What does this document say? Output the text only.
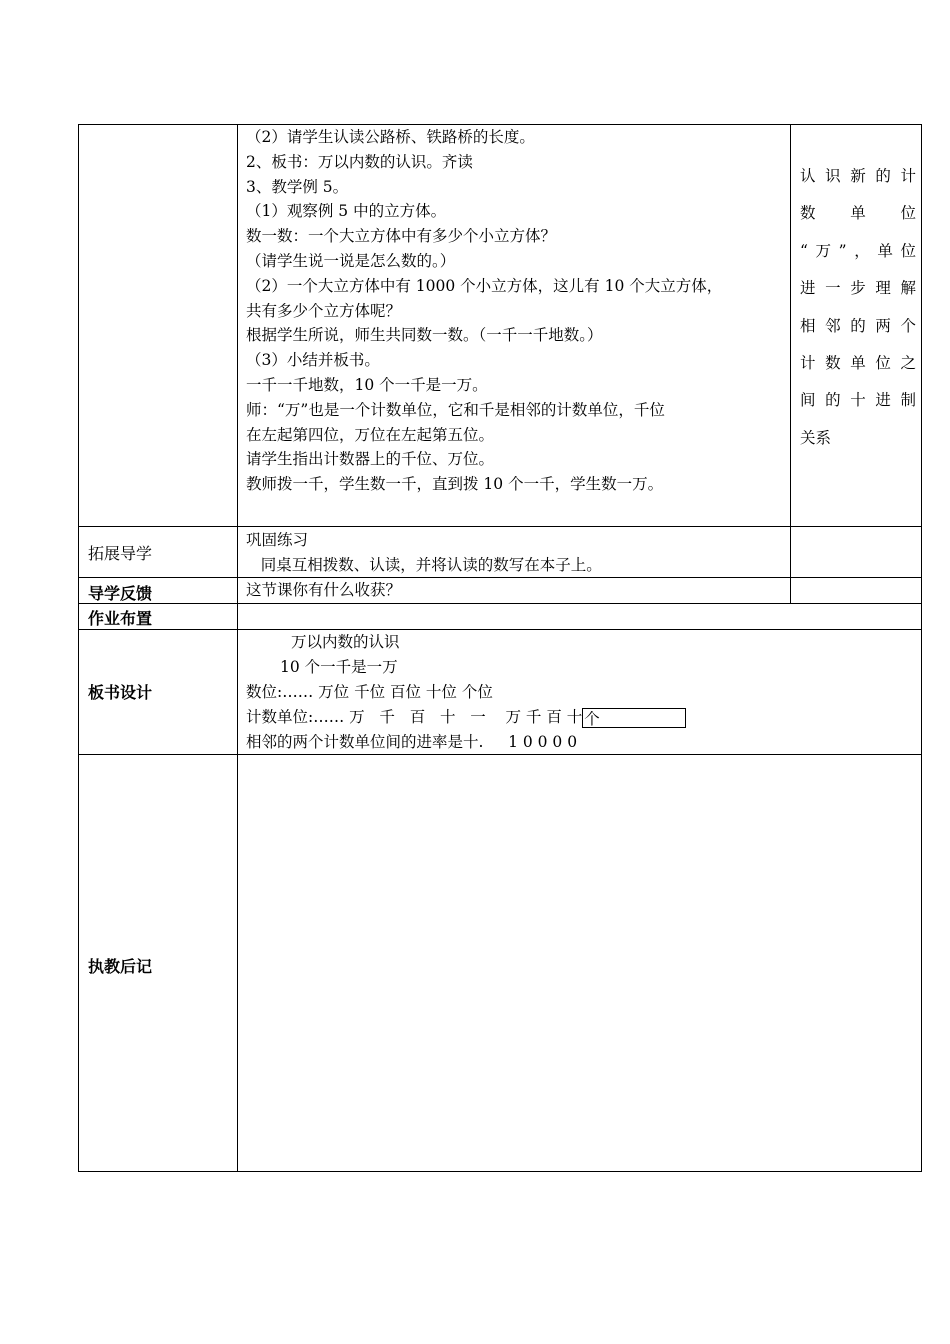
（2）请学生认读公路桥、铁路桥的长度。
2、板书：万以内数的认识。齐读
3、教学例 5。
（1）观察例 5 中的立方体。
数一数：一个大立方体中有多少个小立方体？
（请学生说一说是怎么数的。）
（2）一个大立方体中有 1000 个小立方体，这儿有 10 个大立方体，
共有多少个立方体呢？
根据学生所说，师生共同数一数。（一千一千地数。）
（3）小结并板书。
一千一千地数，10 个一千是一万。
师：“万”也是一个计数单位，它和千是相邻的计数单位，千位
在左起第四位，万位在左起第五位。
请学生指出计数器上的千位、万位。
教师拨一千，学生数一千，直到拨 10 个一千，学生数一万。
认识新的计
数单位
“万”，单位
进一步理解
相邻的两个
计数单位之
间的十进制
关系
拓展导学
巩固练习
同桌互相拨数、认读，并将认读的数写在本子上。
导学反馈	这节课你有什么收获？
作业布置
板书设计
万以内数的认识
10 个一千是一万
数位:…… 万位 千位 百位 十位 个位
计数单位:…… 万   千   百   十   一    万 千 百 十 个
相邻的两个计数单位间的进率是十.     1 0 0 0 0
执教后记
